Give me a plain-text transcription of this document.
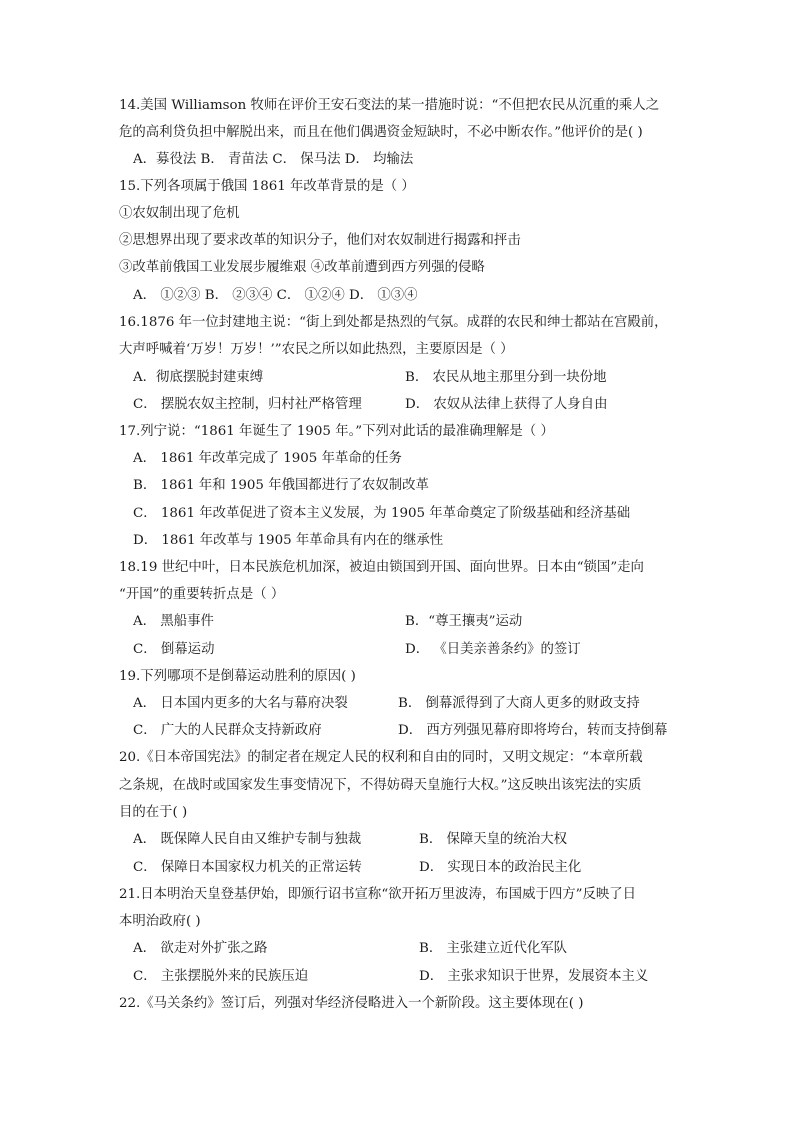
14.美国 Williamson 牧师在评价王安石变法的某一措施时说：“不但把农民从沉重的乘人之
危的高利贷负担中解脱出来，而且在他们偶遇资金短缺时，不必中断农作。”他评价的是( )
A．募役法 B． 青苗法 C． 保马法 D． 均输法
15.下列各项属于俄国 1861 年改革背景的是（ ）
①农奴制出现了危机
②思想界出现了要求改革的知识分子，他们对农奴制进行揭露和抨击
③改革前俄国工业发展步履维艰 ④改革前遭到西方列强的侵略
A． ①②③ B． ②③④ C． ①②④ D． ①③④
16.1876 年一位封建地主说：“街上到处都是热烈的气氛。成群的农民和绅士都站在宫殿前，
大声呼喊着‘万岁！万岁！’”农民之所以如此热烈，主要原因是（ ）
A．彻底摆脱封建束缚	B． 农民从地主那里分到一块份地
C． 摆脱农奴主控制，归村社严格管理	D． 农奴从法律上获得了人身自由
17.列宁说：“1861 年诞生了 1905 年。”下列对此话的最准确理解是（ ）
A． 1861 年改革完成了 1905 年革命的任务
B． 1861 年和 1905 年俄国都进行了农奴制改革
C． 1861 年改革促进了资本主义发展，为 1905 年革命奠定了阶级基础和经济基础
D． 1861 年改革与 1905 年革命具有内在的继承性
18.19 世纪中叶，日本民族危机加深，被迫由锁国到开国、面向世界。日本由“锁国”走向
“开国”的重要转折点是（ ）
A． 黑船事件	B．“尊王攘夷”运动
C． 倒幕运动	D． 《日美亲善条约》的签订
19.下列哪项不是倒幕运动胜利的原因( )
A． 日本国内更多的大名与幕府决裂	B． 倒幕派得到了大商人更多的财政支持
C． 广大的人民群众支持新政府	D． 西方列强见幕府即将垮台，转而支持倒幕
20.《日本帝国宪法》的制定者在规定人民的权利和自由的同时，又明文规定：“本章所载
之条规，在战时或国家发生事变情况下，不得妨碍天皇施行大权。”这反映出该宪法的实质
目的在于( )
A． 既保障人民自由又维护专制与独裁	B． 保障天皇的统治大权
C． 保障日本国家权力机关的正常运转	D． 实现日本的政治民主化
21.日本明治天皇登基伊始，即颁行诏书宣称“欲开拓万里波涛，布国威于四方”反映了日
本明治政府( )
A． 欲走对外扩张之路	B． 主张建立近代化军队
C． 主张摆脱外来的民族压迫	D． 主张求知识于世界，发展资本主义
22.《马关条约》签订后，列强对华经济侵略进入一个新阶段。这主要体现在( )
